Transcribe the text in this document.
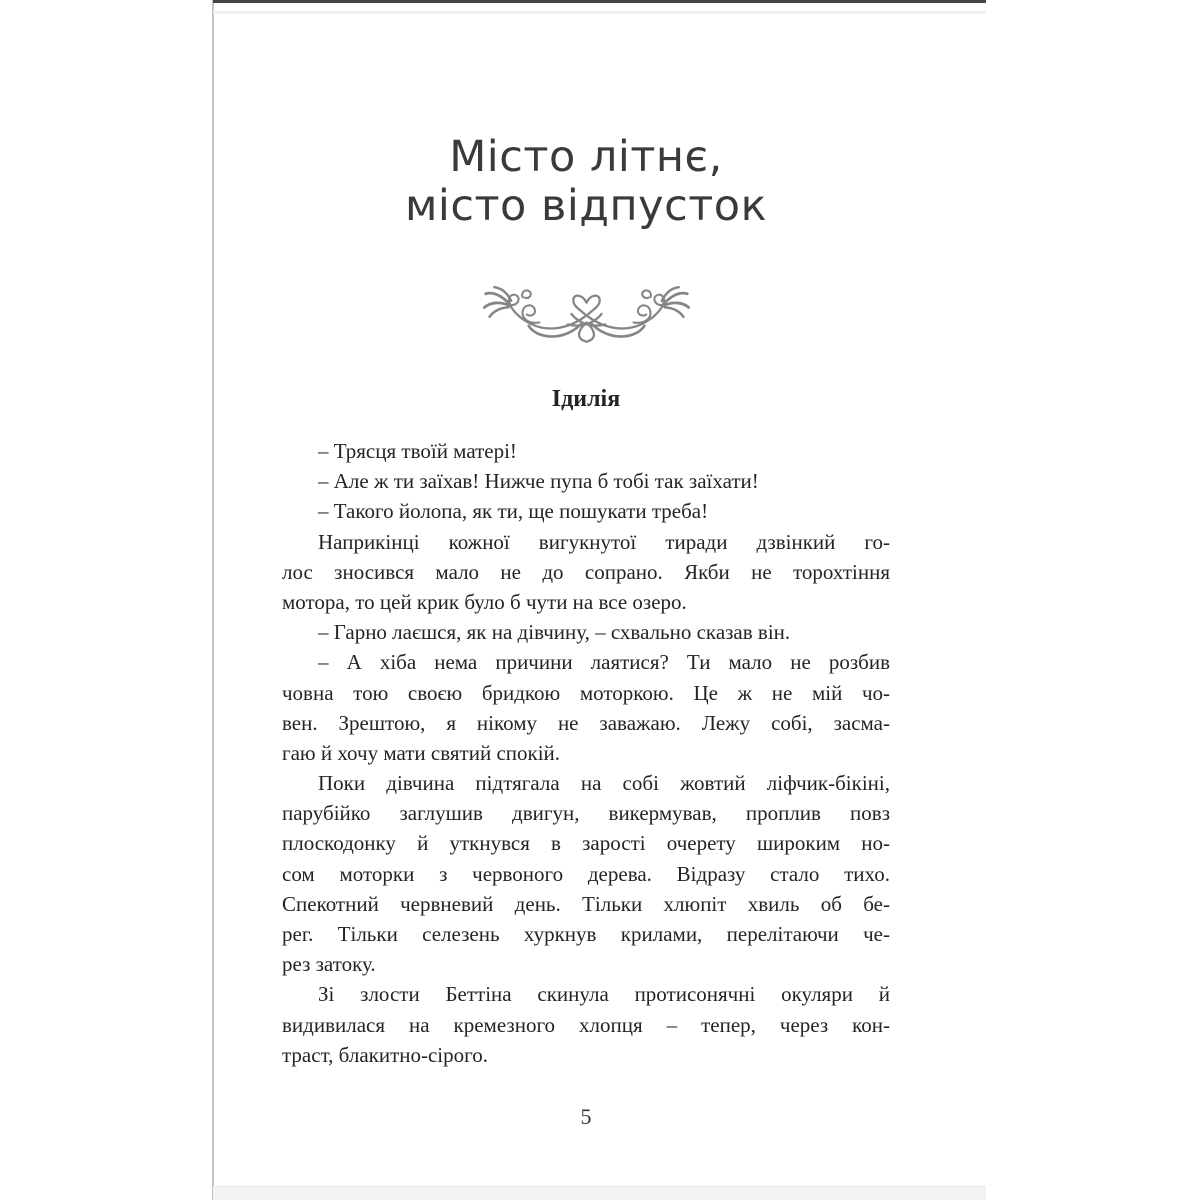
Місто літнє,
місто відпусток
Ідилія
– Трясця твоїй матері!
– Але ж ти заїхав! Нижче пупа б тобі так заїхати!
– Такого йолопа, як ти, ще пошукати треба!
Наприкінці кожної вигукнутої тиради дзвінкий го-
лос зносився мало не до сопрано. Якби не торохтіння
мотора, то цей крик було б чути на все озеро.
– Гарно лаєшся, як на дівчину, – схвально сказав він.
– А хіба нема причини лаятися? Ти мало не розбив
човна тою своєю бридкою моторкою. Це ж не мій чо-
вен. Зрештою, я нікому не заважаю. Лежу собі, засма-
гаю й хочу мати святий спокій.
Поки дівчина підтягала на собі жовтий ліфчик-бікіні,
парубійко заглушив двигун, викермував, проплив повз
плоскодонку й уткнувся в зарості очерету широким но-
сом моторки з червоного дерева. Відразу стало тихо.
Спекотний червневий день. Тільки хлюпіт хвиль об бе-
рег. Тільки селезень хуркнув крилами, перелітаючи че-
рез затоку.
Зі злости Беттіна скинула протисонячні окуляри й
видивилася на кремезного хлопця – тепер, через кон-
траст, блакитно-сірого.
5
